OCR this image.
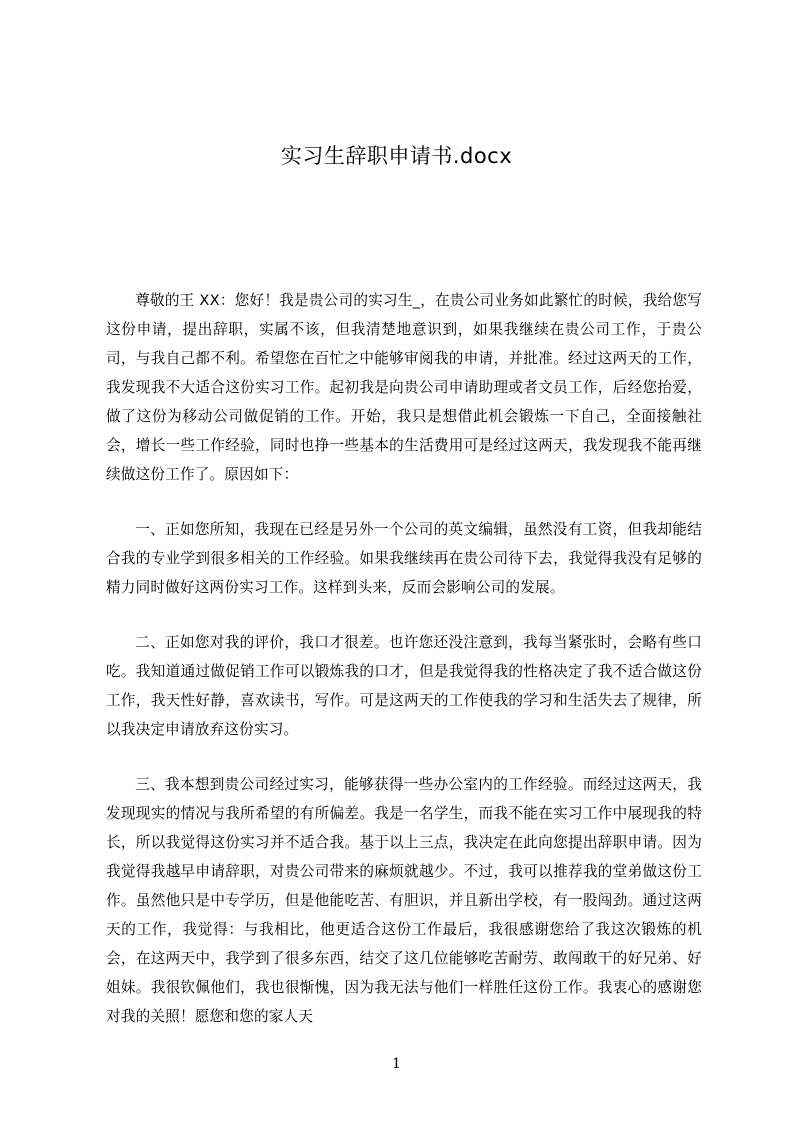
实习生辞职申请书.docx

尊敬的王 XX：您好！我是贵公司的实习生_，在贵公司业务如此繁忙的时候，我给您写这份申请，提出辞职，实属不该，但我清楚地意识到，如果我继续在贵公司工作，于贵公司，与我自己都不利。希望您在百忙之中能够审阅我的申请，并批准。经过这两天的工作，我发现我不大适合这份实习工作。起初我是向贵公司申请助理或者文员工作，后经您抬爱，做了这份为移动公司做促销的工作。开始，我只是想借此机会锻炼一下自己，全面接触社会，增长一些工作经验，同时也挣一些基本的生活费用可是经过这两天，我发现我不能再继续做这份工作了。原因如下：

一、正如您所知，我现在已经是另外一个公司的英文编辑，虽然没有工资，但我却能结合我的专业学到很多相关的工作经验。如果我继续再在贵公司待下去，我觉得我没有足够的精力同时做好这两份实习工作。这样到头来，反而会影响公司的发展。

二、正如您对我的评价，我口才很差。也许您还没注意到，我每当紧张时，会略有些口吃。我知道通过做促销工作可以锻炼我的口才，但是我觉得我的性格决定了我不适合做这份工作，我天性好静，喜欢读书，写作。可是这两天的工作使我的学习和生活失去了规律，所以我决定申请放弃这份实习。

三、我本想到贵公司经过实习，能够获得一些办公室内的工作经验。而经过这两天，我发现现实的情况与我所希望的有所偏差。我是一名学生，而我不能在实习工作中展现我的特长，所以我觉得这份实习并不适合我。基于以上三点，我决定在此向您提出辞职申请。因为我觉得我越早申请辞职，对贵公司带来的麻烦就越少。不过，我可以推荐我的堂弟做这份工作。虽然他只是中专学历，但是他能吃苦、有胆识，并且新出学校，有一股闯劲。通过这两天的工作，我觉得：与我相比，他更适合这份工作最后，我很感谢您给了我这次锻炼的机会，在这两天中，我学到了很多东西，结交了这几位能够吃苦耐劳、敢闯敢干的好兄弟、好姐妹。我很钦佩他们，我也很惭愧，因为我无法与他们一样胜任这份工作。我衷心的感谢您对我的关照！愿您和您的家人天

1
